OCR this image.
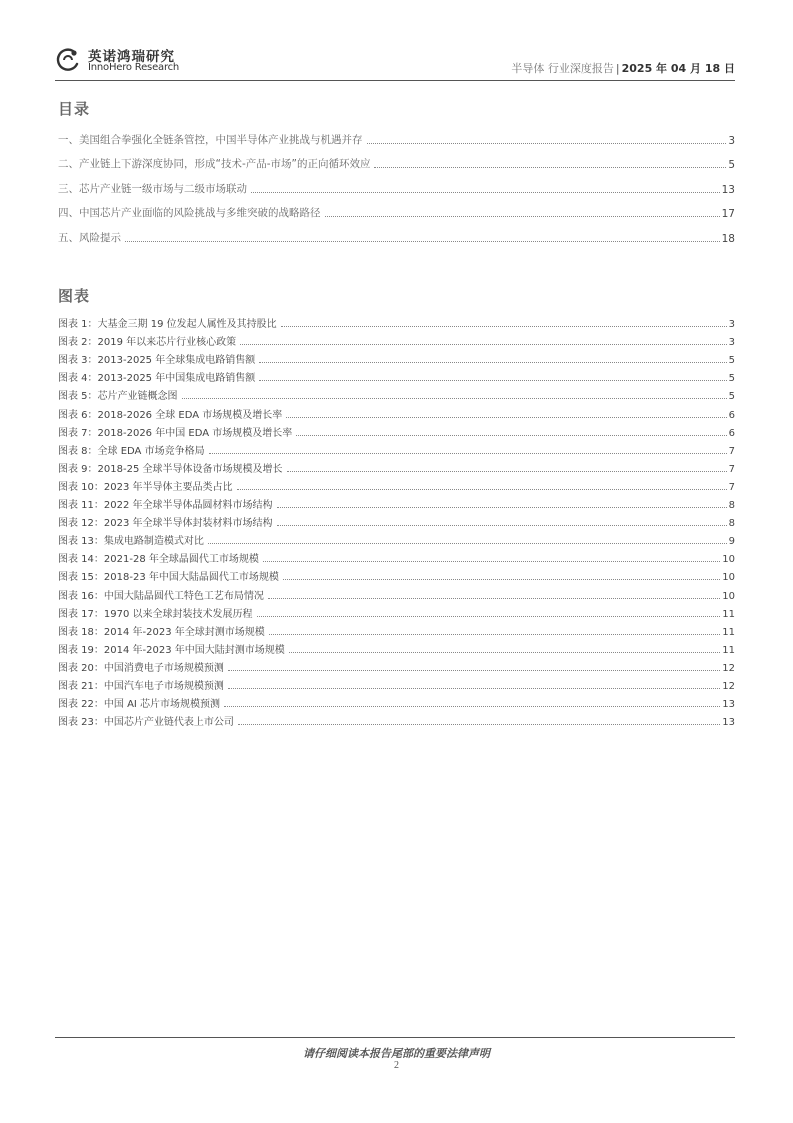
英诺鸿瑞研究
InnoHero Research	半导体 行业深度报告 | 2025 年 04 月 18 日
目录
一、美国组合拳强化全链条管控，中国半导体产业挑战与机遇并存	3
二、产业链上下游深度协同，形成“技术-产品-市场”的正向循环效应	5
三、芯片产业链一级市场与二级市场联动	13
四、中国芯片产业面临的风险挑战与多维突破的战略路径	17
五、风险提示	18
图表
图表 1：大基金三期 19 位发起人属性及其持股比	3
图表 2：2019 年以来芯片行业核心政策	3
图表 3：2013-2025 年全球集成电路销售额	5
图表 4：2013-2025 年中国集成电路销售额	5
图表 5：芯片产业链概念图	5
图表 6：2018-2026 全球 EDA 市场规模及增长率	6
图表 7：2018-2026 年中国 EDA 市场规模及增长率	6
图表 8：全球 EDA 市场竞争格局	7
图表 9：2018-25 全球半导体设备市场规模及增长	7
图表 10：2023 年半导体主要品类占比	7
图表 11：2022 年全球半导体晶圆材料市场结构	8
图表 12：2023 年全球半导体封装材料市场结构	8
图表 13：集成电路制造模式对比	9
图表 14：2021-28 年全球晶圆代工市场规模	10
图表 15：2018-23 年中国大陆晶圆代工市场规模	10
图表 16：中国大陆晶圆代工特色工艺布局情况	10
图表 17：1970 以来全球封装技术发展历程	11
图表 18：2014 年-2023 年全球封测市场规模	11
图表 19：2014 年-2023 年中国大陆封测市场规模	11
图表 20：中国消费电子市场规模预测	12
图表 21：中国汽车电子市场规模预测	12
图表 22：中国 AI 芯片市场规模预测	13
图表 23：中国芯片产业链代表上市公司	13
请仔细阅读本报告尾部的重要法律声明
2
